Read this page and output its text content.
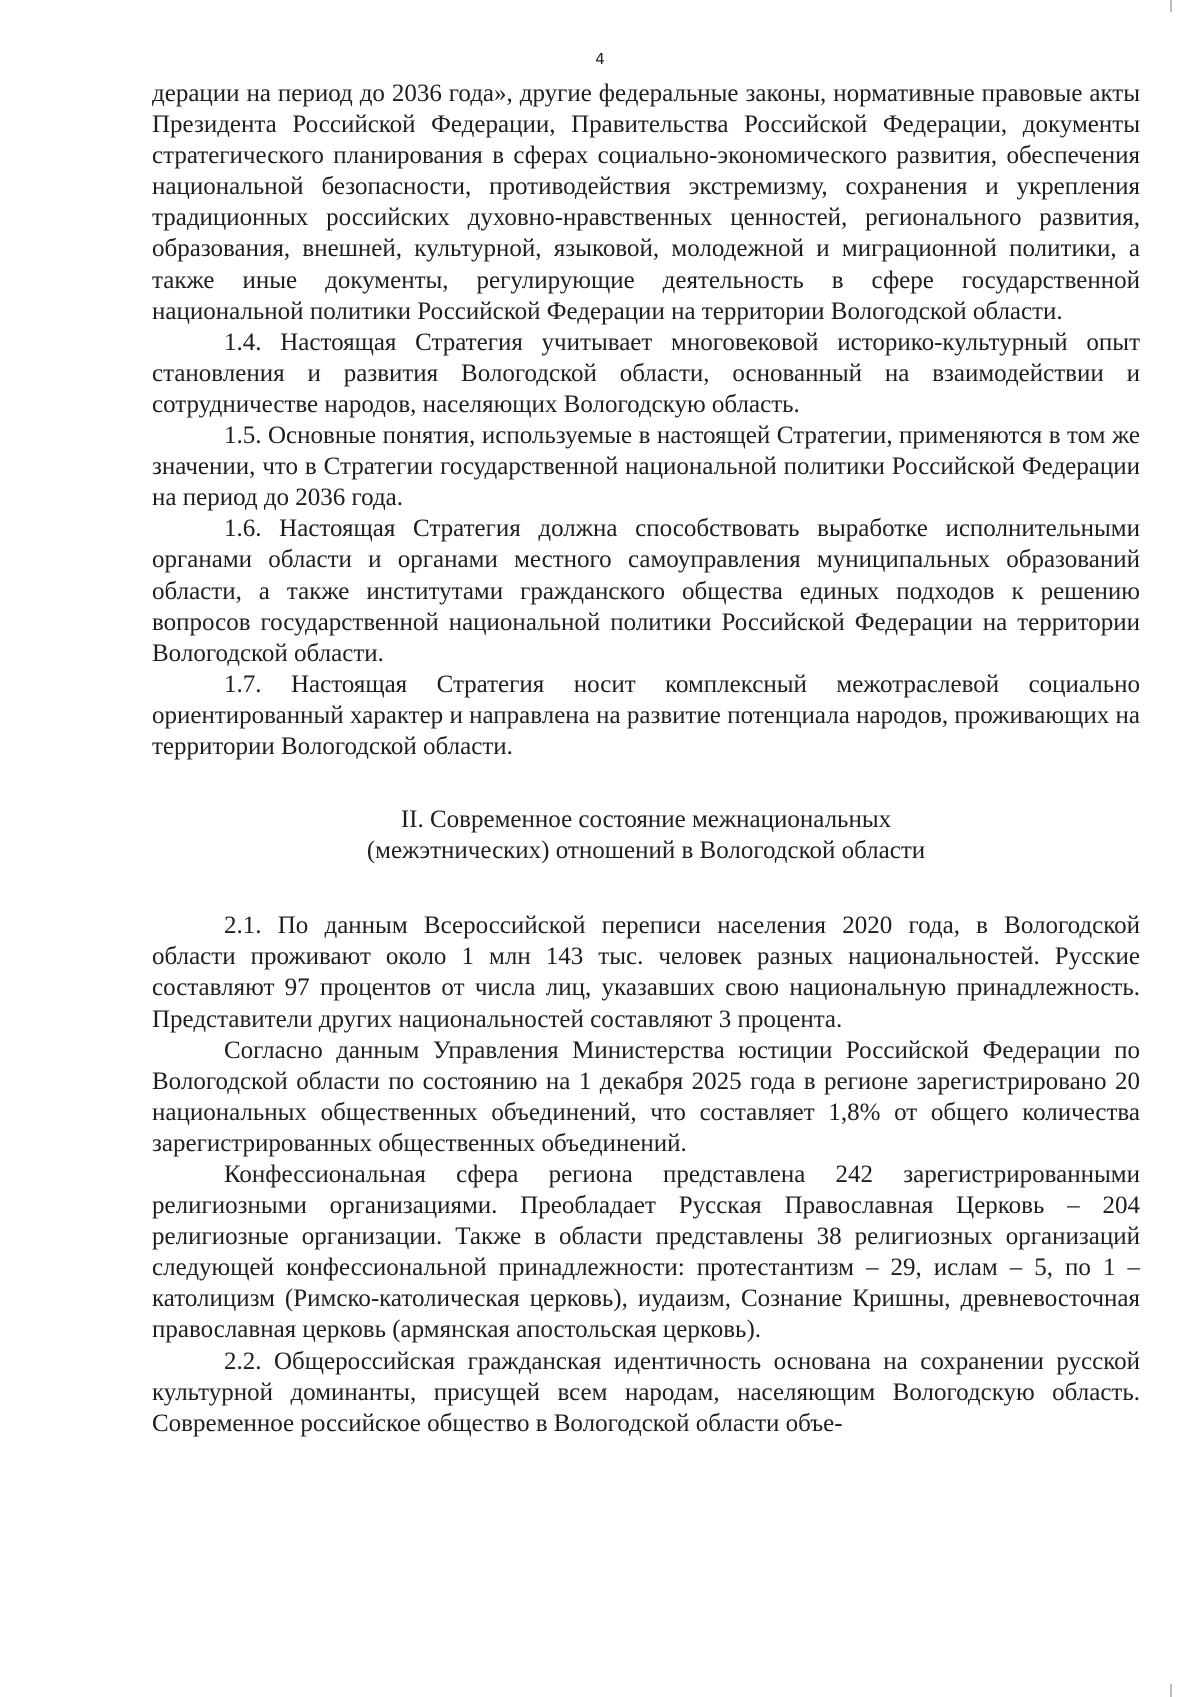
4

дерации на период до 2036 года», другие федеральные законы, нормативные правовые акты Президента Российской Федерации, Правительства Российской Федерации, документы стратегического планирования в сферах социально-экономического развития, обеспечения национальной безопасности, противодействия экстремизму, сохранения и укрепления традиционных российских духовно-нравственных ценностей, регионального развития, образования, внешней, культурной, языковой, молодежной и миграционной политики, а также иные документы, регулирующие деятельность в сфере государственной национальной политики Российской Федерации на территории Вологодской области.

1.4. Настоящая Стратегия учитывает многовековой историко-культурный опыт становления и развития Вологодской области, основанный на взаимодействии и сотрудничестве народов, населяющих Вологодскую область.

1.5. Основные понятия, используемые в настоящей Стратегии, применяются в том же значении, что в Стратегии государственной национальной политики Российской Федерации на период до 2036 года.

1.6. Настоящая Стратегия должна способствовать выработке исполнительными органами области и органами местного самоуправления муниципальных образований области, а также институтами гражданского общества единых подходов к решению вопросов государственной национальной политики Российской Федерации на территории Вологодской области.

1.7. Настоящая Стратегия носит комплексный межотраслевой социально ориентированный характер и направлена на развитие потенциала народов, проживающих на территории Вологодской области.

II. Современное состояние межнациональных
(межэтнических) отношений в Вологодской области

2.1. По данным Всероссийской переписи населения 2020 года, в Вологодской области проживают около 1 млн 143 тыс. человек разных национальностей. Русские составляют 97 процентов от числа лиц, указавших свою национальную принадлежность. Представители других национальностей составляют 3 процента.

Согласно данным Управления Министерства юстиции Российской Федерации по Вологодской области по состоянию на 1 декабря 2025 года в регионе зарегистрировано 20 национальных общественных объединений, что составляет 1,8% от общего количества зарегистрированных общественных объединений.

Конфессиональная сфера региона представлена 242 зарегистрированными религиозными организациями. Преобладает Русская Православная Церковь – 204 религиозные организации. Также в области представлены 38 религиозных организаций следующей конфессиональной принадлежности: протестантизм – 29, ислам – 5, по 1 – католицизм (Римско-католическая церковь), иудаизм, Сознание Кришны, древневосточная православная церковь (армянская апостольская церковь).

2.2. Общероссийская гражданская идентичность основана на сохранении русской культурной доминанты, присущей всем народам, населяющим Вологодскую область. Современное российское общество в Вологодской области объе-
